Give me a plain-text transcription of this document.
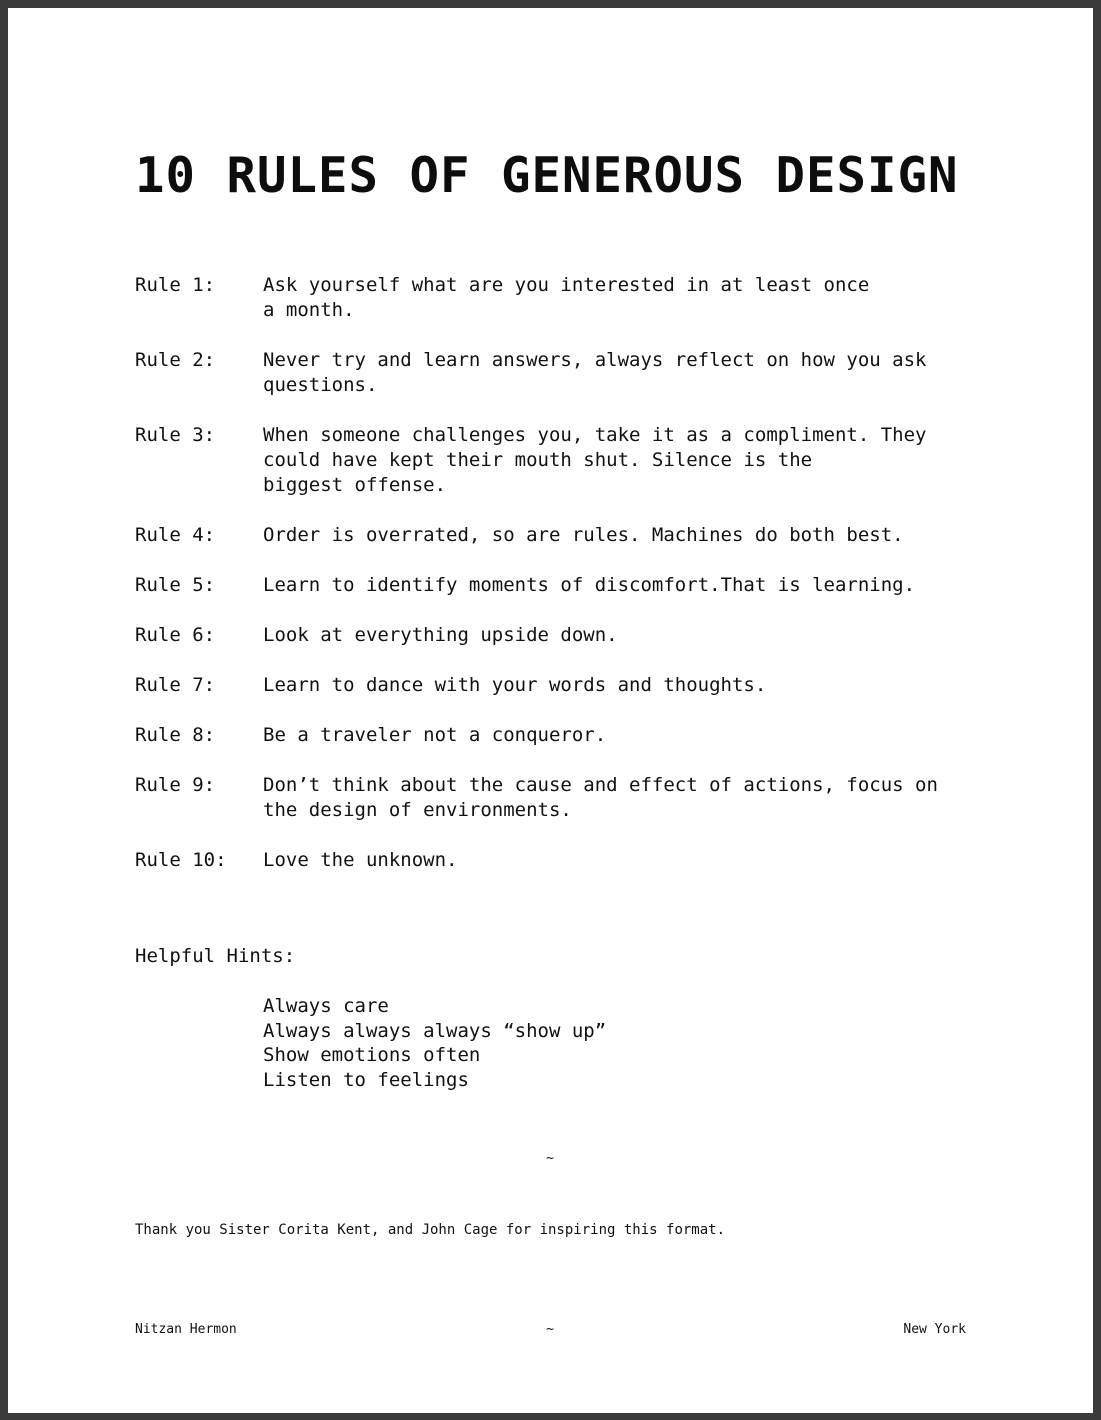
10 RULES OF GENEROUS DESIGN
Rule 1:	Ask yourself what are you interested in at least once
a month.
Rule 2:	Never try and learn answers, always reflect on how you ask
questions.
Rule 3:	When someone challenges you, take it as a compliment. They
could have kept their mouth shut. Silence is the
biggest offense.
Rule 4:	Order is overrated, so are rules. Machines do both best.
Rule 5:	Learn to identify moments of discomfort.That is learning.
Rule 6:	Look at everything upside down.
Rule 7:	Learn to dance with your words and thoughts.
Rule 8:	Be a traveler not a conqueror.
Rule 9:	Don’t think about the cause and effect of actions, focus on
the design of environments.
Rule 10: Love the unknown.
Helpful Hints:
Always care
Always always always “show up”
Show emotions often
Listen to feelings
~
Thank you Sister Corita Kent, and John Cage for inspiring this format.
Nitzan Hermon	~	New York
